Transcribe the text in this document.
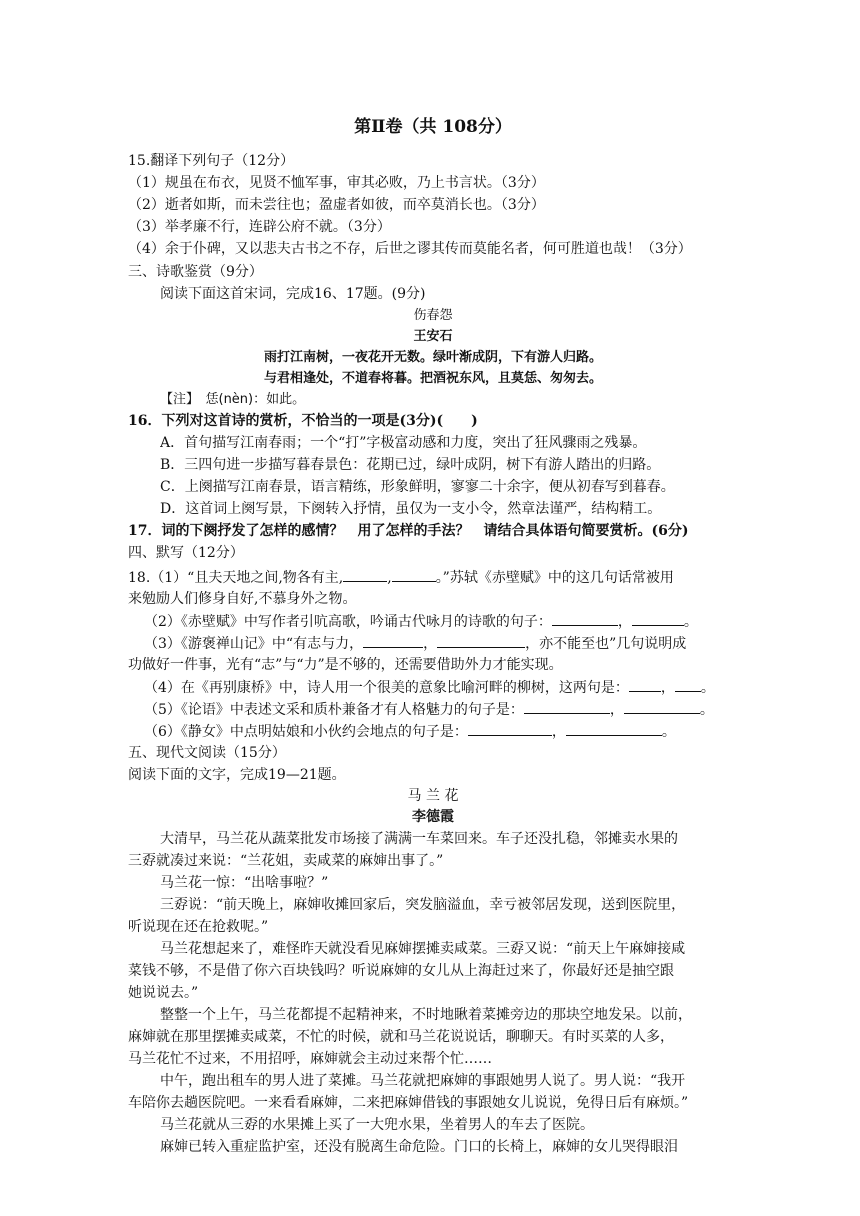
第Ⅱ卷（共 108分）
15.翻译下列句子（12分）
（1）规虽在布衣，见贤不恤军事，审其必败，乃上书言状。（3分）
（2）逝者如斯，而未尝往也；盈虚者如彼，而卒莫消长也。（3分）
（3）举孝廉不行，连辟公府不就。（3分）
（4）余于仆碑，又以悲夫古书之不存，后世之谬其传而莫能名者，何可胜道也哉！（3分）
三、诗歌鉴赏（9分）
阅读下面这首宋词，完成16、17题。(9分)
伤春怨
王安石
雨打江南树，一夜花开无数。绿叶渐成阴，下有游人归路。
与君相逢处，不道春将暮。把酒祝东风，且莫恁、匆匆去。
【注】　恁(nèn)：如此。
16．下列对这首诗的赏析，不恰当的一项是(3分)(　　)
A．首句描写江南春雨；一个“打”字极富动感和力度，突出了狂风骤雨之残暴。
B．三四句进一步描写暮春景色：花期已过，绿叶成阴，树下有游人踏出的归路。
C．上阕描写江南春景，语言精练，形象鲜明，寥寥二十余字，便从初春写到暮春。
D．这首词上阕写景，下阕转入抒情，虽仅为一支小令，然章法谨严，结构精工。
17．词的下阕抒发了怎样的感情？　用了怎样的手法？　请结合具体语句简要赏析。(6分)
四、默写（12分）
18.（1）“且夫天地之间,物各有主,	,	。”苏轼《赤壁赋》中的这几句话常被用
来勉励人们修身自好,不慕身外之物。
（2）《赤壁赋》中写作者引吭高歌，吟诵古代咏月的诗歌的句子：	，	。
（3）《游褒禅山记》中“有志与力，	，	，亦不能至也”几句说明成
功做好一件事，光有“志”与“力”是不够的，还需要借助外力才能实现。
（4）在《再别康桥》中，诗人用一个很美的意象比喻河畔的柳树，这两句是： ， 。
（5）《论语》中表述文采和质朴兼备才有人格魅力的句子是：	，	。
（6）《静女》中点明姑娘和小伙约会地点的句子是：	，	。
五、现代文阅读（15分）
阅读下面的文字，完成19—21题。
马 兰 花
李德霞
大清早，马兰花从蔬菜批发市场接了满满一车菜回来。车子还没扎稳，邻摊卖水果的
三孬就凑过来说：“兰花姐，卖咸菜的麻婶出事了。”
马兰花一惊：“出啥事啦？”
三孬说：“前天晚上，麻婶收摊回家后，突发脑溢血，幸亏被邻居发现，送到医院里，
听说现在还在抢救呢。”
马兰花想起来了，难怪昨天就没看见麻婶摆摊卖咸菜。三孬又说：“前天上午麻婶接咸
菜钱不够，不是借了你六百块钱吗？听说麻婶的女儿从上海赶过来了，你最好还是抽空跟
她说说去。”
整整一个上午，马兰花都提不起精神来，不时地瞅着菜摊旁边的那块空地发呆。以前，
麻婶就在那里摆摊卖咸菜，不忙的时候，就和马兰花说说话，聊聊天。有时买菜的人多，
马兰花忙不过来，不用招呼，麻婶就会主动过来帮个忙……
中午，跑出租车的男人进了菜摊。马兰花就把麻婶的事跟她男人说了。男人说：“我开
车陪你去趟医院吧。一来看看麻婶，二来把麻婶借钱的事跟她女儿说说，免得日后有麻烦。”
马兰花就从三孬的水果摊上买了一大兜水果，坐着男人的车去了医院。
麻婶已转入重症监护室，还没有脱离生命危险。门口的长椅上，麻婶的女儿哭得眼泪
